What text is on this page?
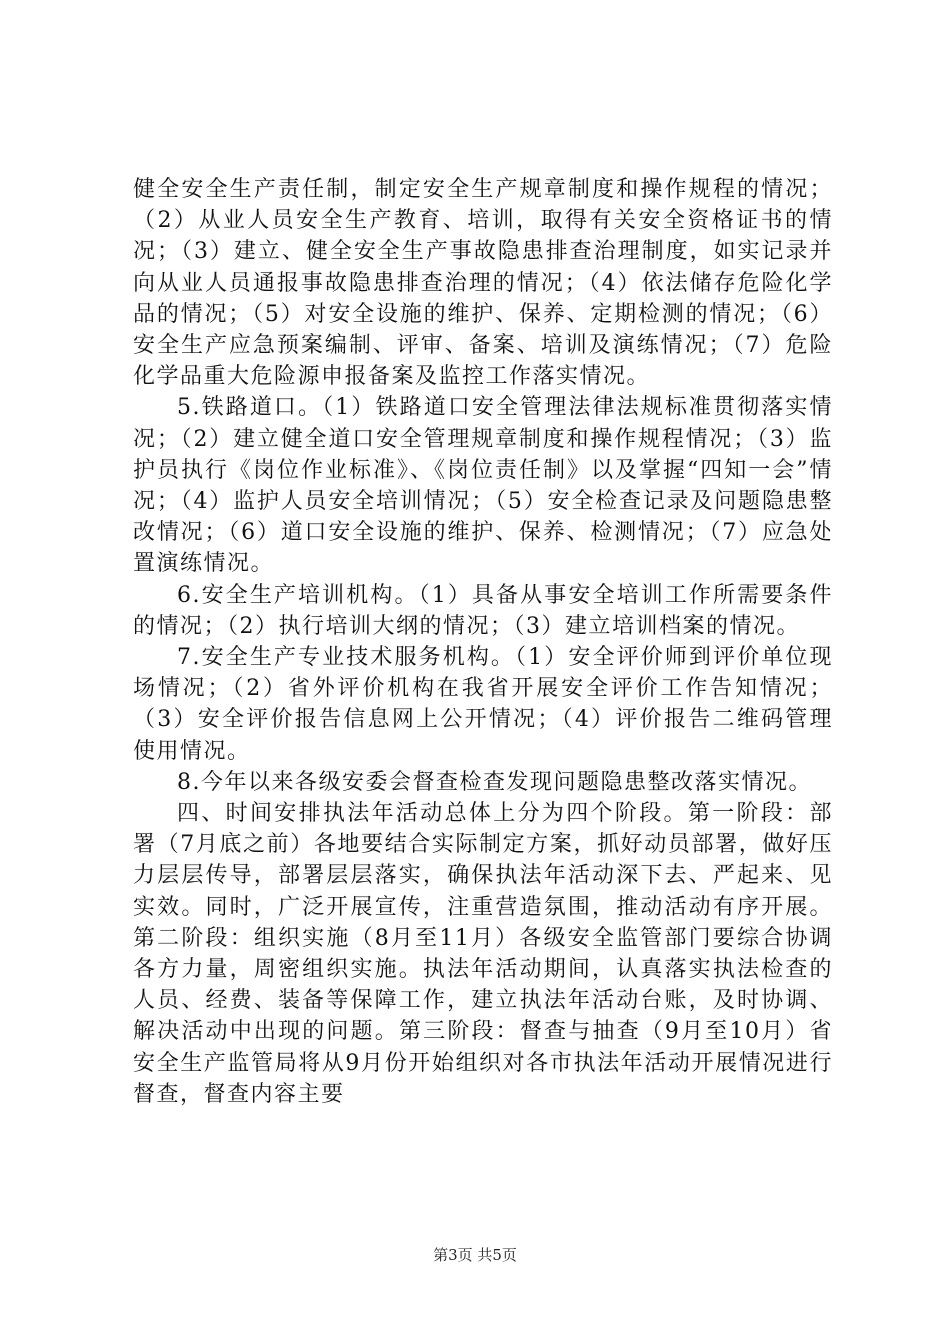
健全安全生产责任制，制定安全生产规章制度和操作规程的情况；（2）从业人员安全生产教育、培训，取得有关安全资格证书的情况；（3）建立、健全安全生产事故隐患排查治理制度，如实记录并向从业人员通报事故隐患排查治理的情况；（4）依法储存危险化学品的情况；（5）对安全设施的维护、保养、定期检测的情况；（6）安全生产应急预案编制、评审、备案、培训及演练情况；（7）危险化学品重大危险源申报备案及监控工作落实情况。

5.铁路道口。（1）铁路道口安全管理法律法规标准贯彻落实情况；（2）建立健全道口安全管理规章制度和操作规程情况；（3）监护员执行《岗位作业标准》、《岗位责任制》以及掌握“四知一会”情况；（4）监护人员安全培训情况；（5）安全检查记录及问题隐患整改情况；（6）道口安全设施的维护、保养、检测情况；（7）应急处置演练情况。

6.安全生产培训机构。（1）具备从事安全培训工作所需要条件的情况；（2）执行培训大纲的情况；（3）建立培训档案的情况。

7.安全生产专业技术服务机构。（1）安全评价师到评价单位现场情况；（2）省外评价机构在我省开展安全评价工作告知情况；（3）安全评价报告信息网上公开情况；（4）评价报告二维码管理使用情况。

8.今年以来各级安委会督查检查发现问题隐患整改落实情况。

四、时间安排执法年活动总体上分为四个阶段。第一阶段：部署（7月底之前）各地要结合实际制定方案，抓好动员部署，做好压力层层传导，部署层层落实，确保执法年活动深下去、严起来、见实效。同时，广泛开展宣传，注重营造氛围，推动活动有序开展。第二阶段：组织实施（8月至11月）各级安全监管部门要综合协调各方力量，周密组织实施。执法年活动期间，认真落实执法检查的人员、经费、装备等保障工作，建立执法年活动台账，及时协调、解决活动中出现的问题。第三阶段：督查与抽查（9月至10月）省安全生产监管局将从9月份开始组织对各市执法年活动开展情况进行督查，督查内容主要

第3页 共5页
